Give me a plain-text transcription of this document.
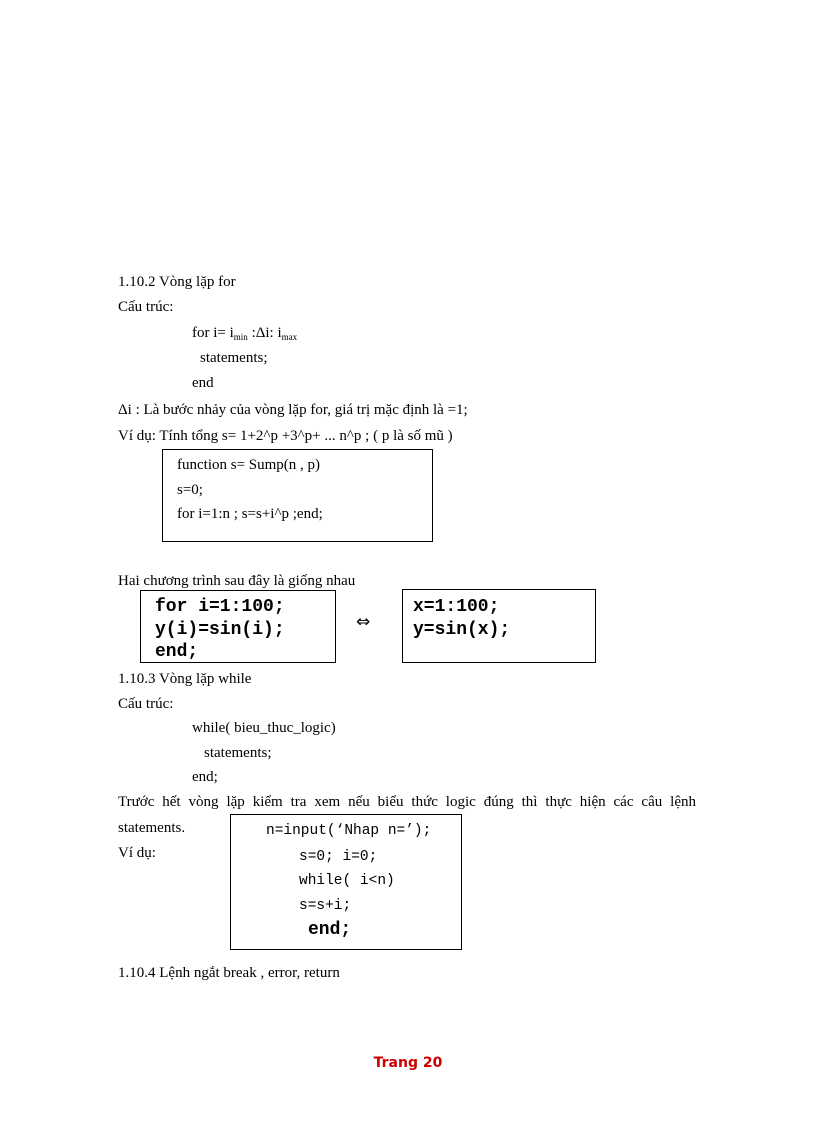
1.10.2 Vòng lặp for
Cấu trúc:
for $i= i_{min}$ :Δi: $i_{max}$
statements;
end
Δi : Là bước nhảy của vòng lặp for, giá trị mặc định là =1;
Ví dụ: Tính tổng s= 1+2^p +3^p+ ... n^p ; ( p là số mũ )
function s= Sump(n , p)
s=0;
for i=1:n ; s=s+i^p ;end;
Hai chương trình sau đây là giống nhau
for i=1:100;
y(i)=sin(i);
end;
⇔
x=1:100;
y=sin(x);
1.10.3 Vòng lặp while
Cấu trúc:
while( bieu_thuc_logic)
statements;
end;
Trước hết vòng lặp kiểm tra xem nếu biểu thức logic đúng thì thực hiện các câu lệnh
statements.
Ví dụ:
n=input(‘Nhap n=’);
s=0; i=0;
while( i<n)
s=s+i;
end;
1.10.4 Lệnh ngắt break , error, return
Trang 20
